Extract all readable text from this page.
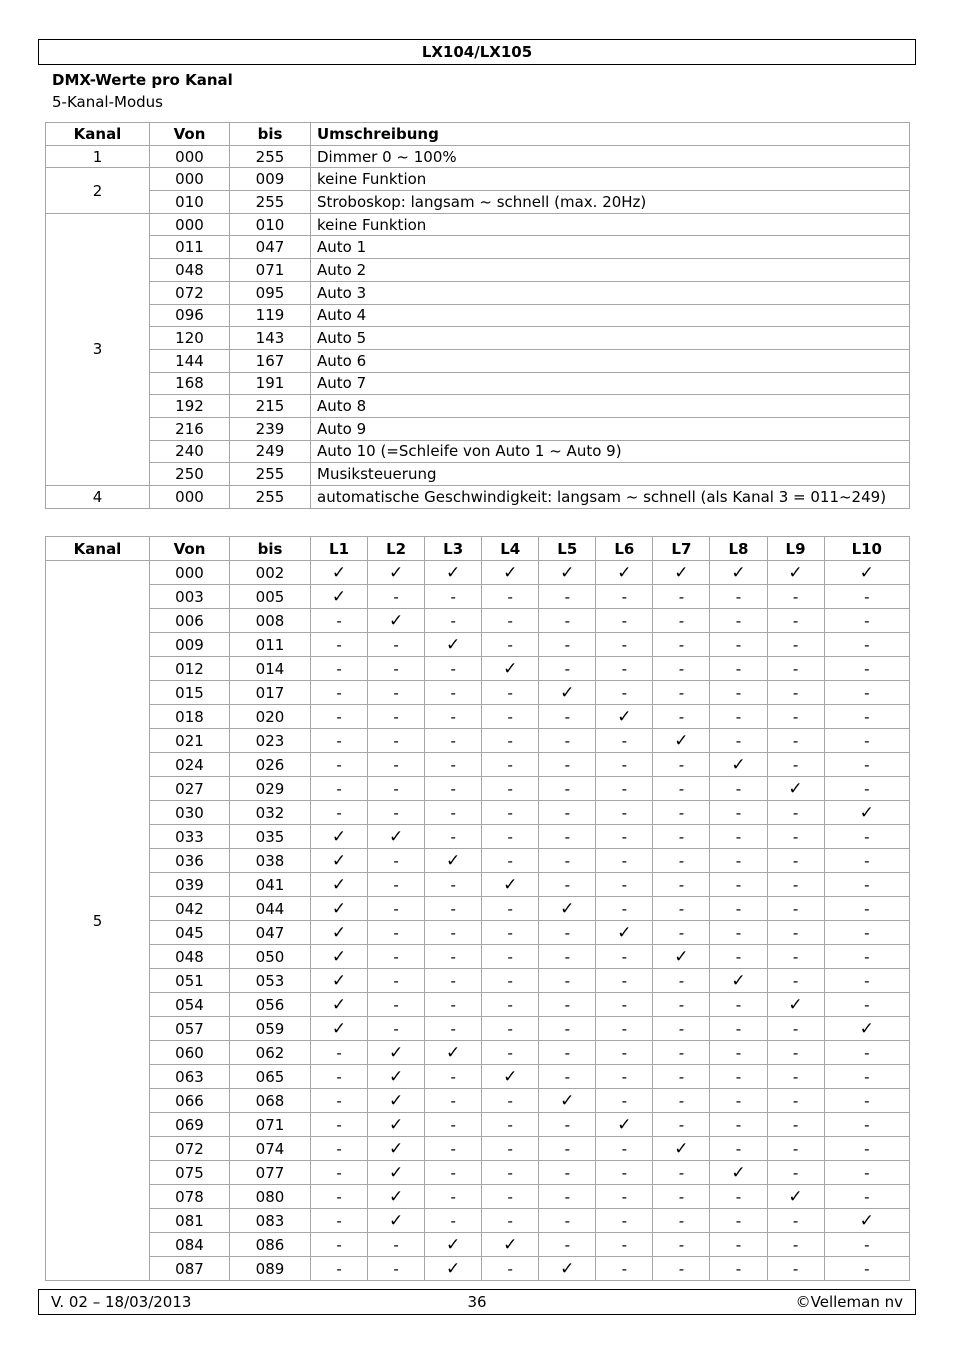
LX104/LX105
DMX-Werte pro Kanal
5-Kanal-Modus
Kanal	Von	bis	Umschreibung
1	000	255	Dimmer 0 ~ 100%
2	000	009	keine Funktion
	010	255	Stroboskop: langsam ~ schnell (max. 20Hz)
3	000	010	keine Funktion
	011	047	Auto 1
	048	071	Auto 2
	072	095	Auto 3
	096	119	Auto 4
	120	143	Auto 5
	144	167	Auto 6
	168	191	Auto 7
	192	215	Auto 8
	216	239	Auto 9
	240	249	Auto 10 (=Schleife von Auto 1 ~ Auto 9)
	250	255	Musiksteuerung
4	000	255	automatische Geschwindigkeit: langsam ~ schnell (als Kanal 3 = 011~249)
Kanal	Von	bis	L1	L2	L3	L4	L5	L6	L7	L8	L9	L10
5	000	002	✓	✓	✓	✓	✓	✓	✓	✓	✓	✓
	003	005	✓	-	-	-	-	-	-	-	-	-
	006	008	-	✓	-	-	-	-	-	-	-	-
	009	011	-	-	✓	-	-	-	-	-	-	-
	012	014	-	-	-	✓	-	-	-	-	-	-
	015	017	-	-	-	-	✓	-	-	-	-	-
	018	020	-	-	-	-	-	✓	-	-	-	-
	021	023	-	-	-	-	-	-	✓	-	-	-
	024	026	-	-	-	-	-	-	-	✓	-	-
	027	029	-	-	-	-	-	-	-	-	✓	-
	030	032	-	-	-	-	-	-	-	-	-	✓
	033	035	✓	✓	-	-	-	-	-	-	-	-
	036	038	✓	-	✓	-	-	-	-	-	-	-
	039	041	✓	-	-	✓	-	-	-	-	-	-
	042	044	✓	-	-	-	✓	-	-	-	-	-
	045	047	✓	-	-	-	-	✓	-	-	-	-
	048	050	✓	-	-	-	-	-	✓	-	-	-
	051	053	✓	-	-	-	-	-	-	✓	-	-
	054	056	✓	-	-	-	-	-	-	-	✓	-
	057	059	✓	-	-	-	-	-	-	-	-	✓
	060	062	-	✓	✓	-	-	-	-	-	-	-
	063	065	-	✓	-	✓	-	-	-	-	-	-
	066	068	-	✓	-	-	✓	-	-	-	-	-
	069	071	-	✓	-	-	-	✓	-	-	-	-
	072	074	-	✓	-	-	-	-	✓	-	-	-
	075	077	-	✓	-	-	-	-	-	✓	-	-
	078	080	-	✓	-	-	-	-	-	-	✓	-
	081	083	-	✓	-	-	-	-	-	-	-	✓
	084	086	-	-	✓	✓	-	-	-	-	-	-
	087	089	-	-	✓	-	✓	-	-	-	-	-
V. 02 – 18/03/2013	36	©Velleman nv
